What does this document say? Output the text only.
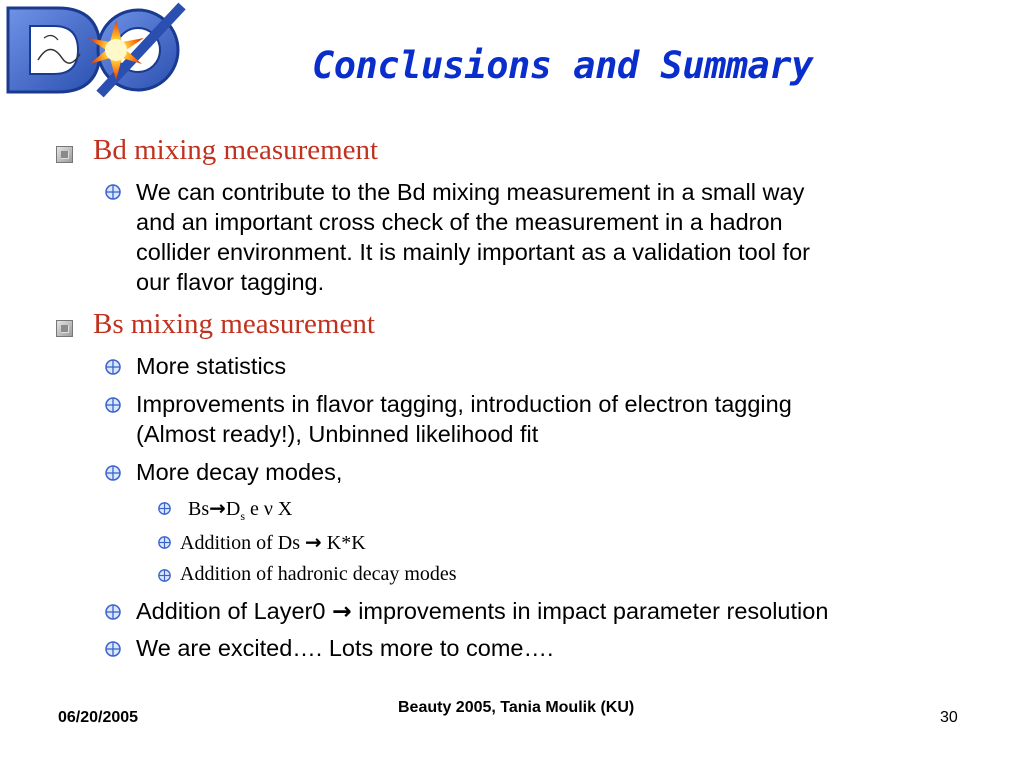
Conclusions and Summary
Bd mixing measurement
We can contribute to the Bd mixing measurement in a small way
and an important cross check of the measurement in a hadron
collider environment. It is mainly important as a validation tool for
our flavor tagging.
Bs mixing measurement
More statistics
Improvements in flavor tagging, introduction of electron tagging
(Almost ready!), Unbinned likelihood fit
More decay modes,
$Bs\to D_s$ e ν X
Addition of Ds → K*K
Addition of hadronic decay modes
Addition of Layer0 → improvements in impact parameter resolution
We are excited…. Lots more to come….
06/20/2005
Beauty 2005, Tania Moulik (KU)
30
